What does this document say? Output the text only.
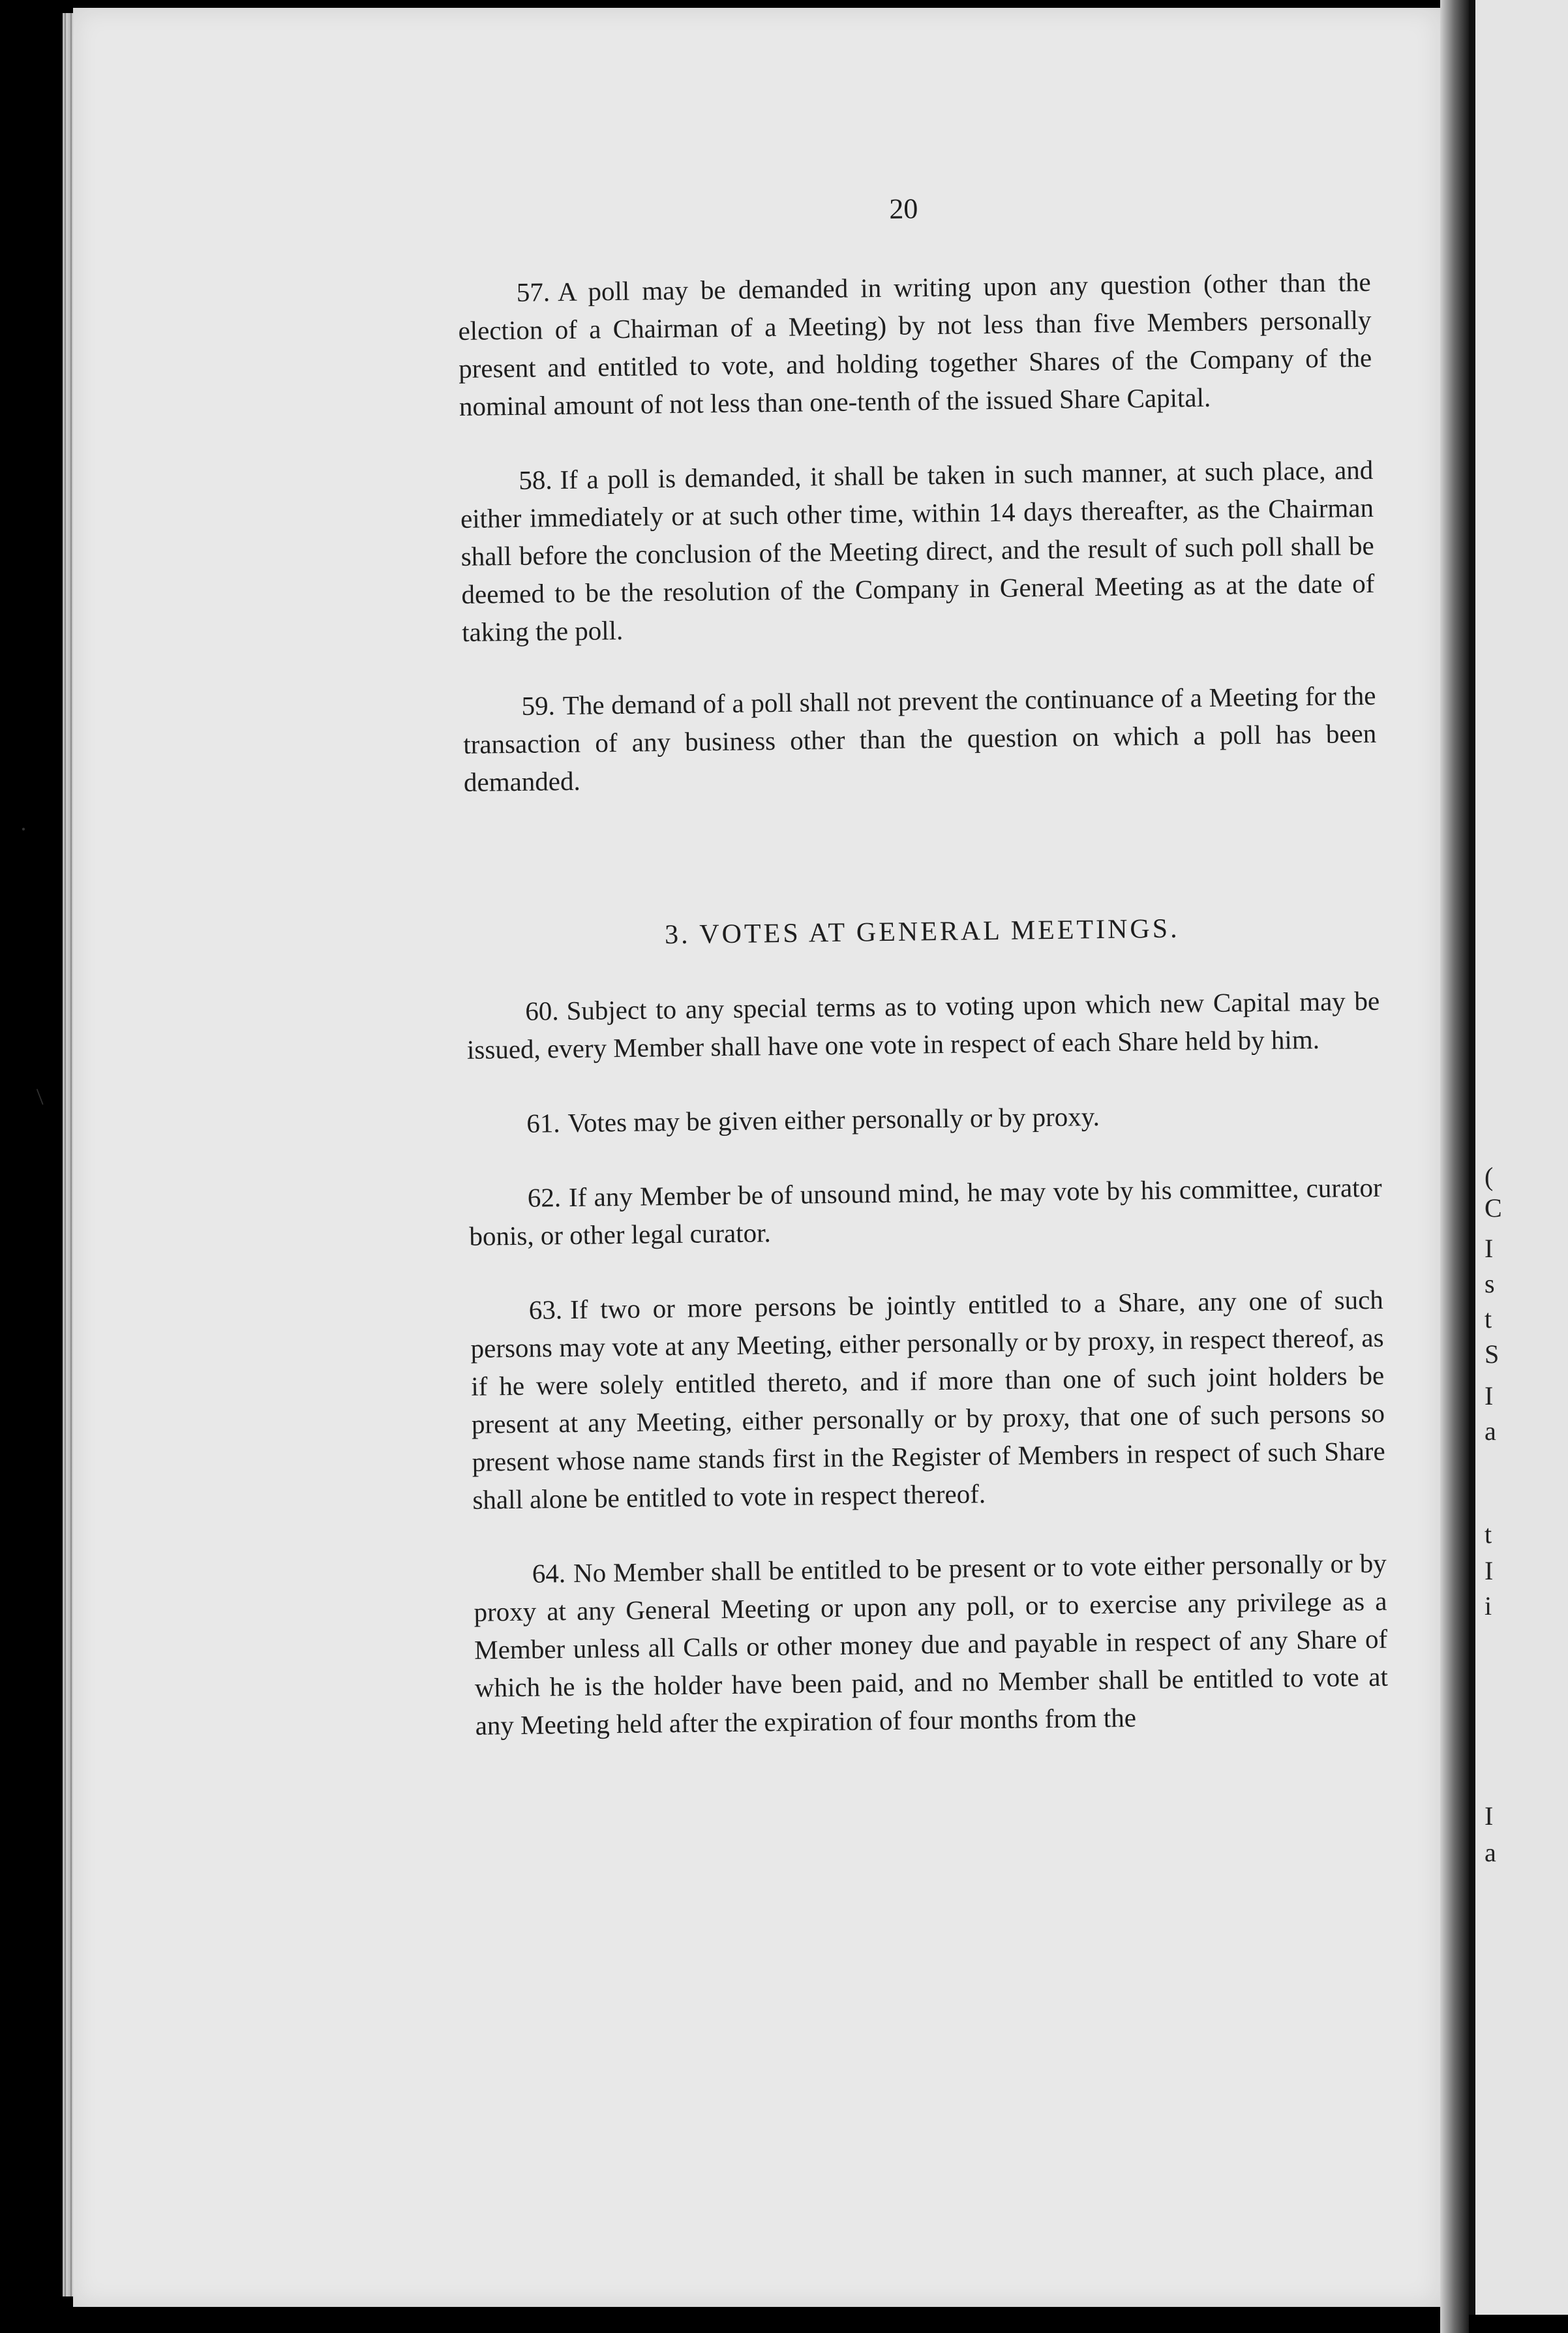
(
C
I
s
t
S
I
a
t
I
i
I
a
20

57. A poll may be demanded in writing upon any question (other than the election of a Chairman of a Meeting) by not less than five Members personally present and entitled to vote, and holding together Shares of the Company of the nominal amount of not less than one-tenth of the issued Share Capital.

58. If a poll is demanded, it shall be taken in such manner, at such place, and either immediately or at such other time, within 14 days thereafter, as the Chairman shall before the conclusion of the Meeting direct, and the result of such poll shall be deemed to be the resolution of the Company in General Meeting as at the date of taking the poll.

59. The demand of a poll shall not prevent the continuance of a Meeting for the transaction of any business other than the question on which a poll has been demanded.

3. VOTES AT GENERAL MEETINGS.

60. Subject to any special terms as to voting upon which new Capital may be issued, every Member shall have one vote in respect of each Share held by him.

61. Votes may be given either personally or by proxy.

62. If any Member be of unsound mind, he may vote by his committee, curator bonis, or other legal curator.

63. If two or more persons be jointly entitled to a Share, any one of such persons may vote at any Meeting, either personally or by proxy, in respect thereof, as if he were solely entitled thereto, and if more than one of such joint holders be present at any Meeting, either personally or by proxy, that one of such persons so present whose name stands first in the Register of Members in respect of such Share shall alone be entitled to vote in respect thereof.

64. No Member shall be entitled to be present or to vote either personally or by proxy at any General Meeting or upon any poll, or to exercise any privilege as a Member unless all Calls or other money due and payable in respect of any Share of which he is the holder have been paid, and no Member shall be entitled to vote at any Meeting held after the expiration of four months from the

·
/
